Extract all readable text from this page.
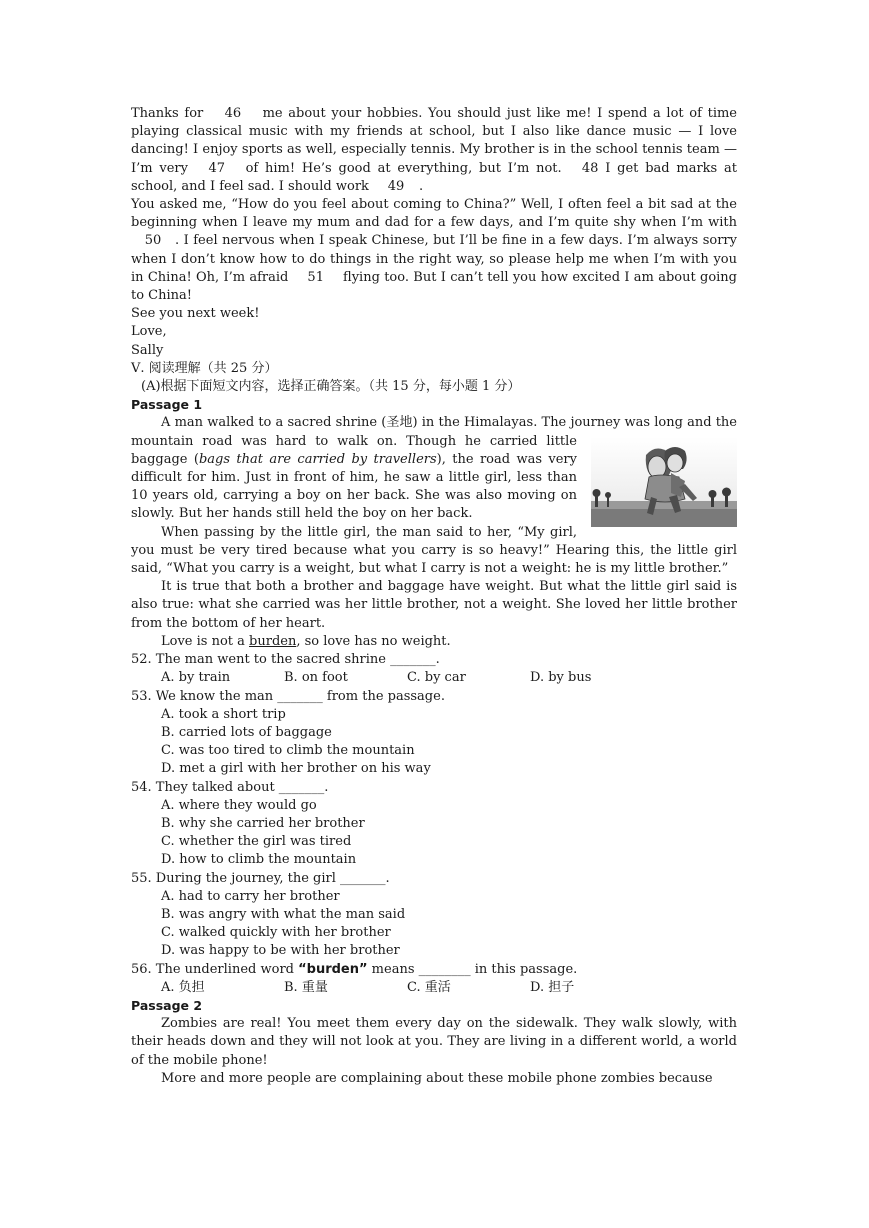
Thanks for 46 me about your hobbies. You should just like me! I spend a lot of time playing classical music with my friends at school, but I also like dance music — I love dancing! I enjoy sports as well, especially tennis. My brother is in the school tennis team — I’m very 47 of him! He’s good at everything, but I’m not. 48 I get bad marks at school, and I feel sad. I should work 49 .

You asked me, “How do you feel about coming to China?” Well, I often feel a bit sad at the beginning when I leave my mum and dad for a few days, and I’m quite shy when I’m with 50 . I feel nervous when I speak Chinese, but I’ll be fine in a few days. I’m always sorry when I don’t know how to do things in the right way, so please help me when I’m with you in China! Oh, I’m afraid 51 flying too. But I can’t tell you how excited I am about going to China!

See you next week!

Love,

Sally

Ⅴ. 阅读理解（共 25 分）

(A)根据下面短文内容，选择正确答案。（共 15 分，每小题 1 分）

Passage 1

A man walked to a sacred shrine (圣地) in the Himalayas. The journey was long and the mountain road was hard to walk on.
Though he carried little baggage (bags that are carried by travellers), the road was very difficult for him. Just in front of him, he saw a little girl, less than 10 years old, carrying a boy on her back. She was also moving on slowly. But her hands still held the boy on her back.

When passing by the little girl, the man said to her, “My girl, you must be very tired because what you carry is so heavy!” Hearing this, the little girl said, “What you carry is a weight, but what I carry is not a weight: he is my little brother.”

It is true that both a brother and baggage have weight. But what the little girl said is also true: what she carried was her little brother, not a weight. She loved her little brother from the bottom of her heart.

Love is not a burden, so love has no weight.

52. The man went to the sacred shrine _______.

A. by train	B. on foot	C. by car	D. by bus

53. We know the man _______ from the passage.

A. took a short trip

B. carried lots of baggage

C. was too tired to climb the mountain

D. met a girl with her brother on his way

54. They talked about _______.

A. where they would go

B. why she carried her brother

C. whether the girl was tired

D. how to climb the mountain

55. During the journey, the girl _______.

A. had to carry her brother

B. was angry with what the man said

C. walked quickly with her brother

D. was happy to be with her brother

56. The underlined word “burden” means ________ in this passage.

A. 负担	B. 重量	C. 重活	D. 担子

Passage 2

Zombies are real! You meet them every day on the sidewalk. They walk slowly, with their heads down and they will not look at you. They are living in a different world, a world of the mobile phone!

More and more people are complaining about these mobile phone zombies because
